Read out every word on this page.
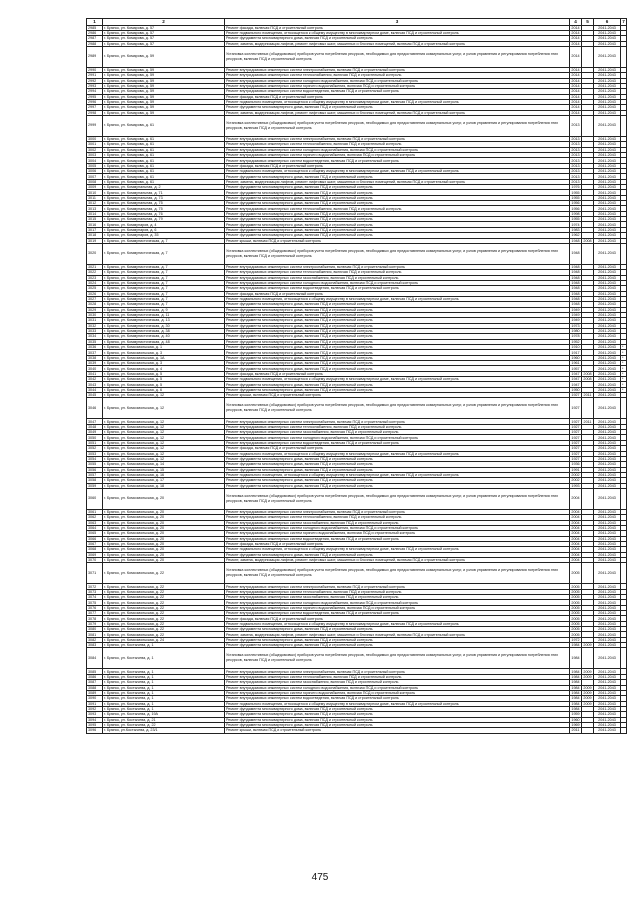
1	2	3	4	5	6	7
2985	г. Брянск, ул. Комарова, д. 57	Ремонт фасада, включая ПСД и строительный контроль	2014		2041-2043	
2986	г. Брянск, ул. Комарова, д. 57	Ремонт подвального помещения, относящегося к общему имуществу в многоквартирном доме, включая ПСД и строительный контроль	2014		2041-2043	
2987	г. Брянск, ул. Комарова, д. 57	Ремонт фундамента многоквартирного дома, включая ПСД и строительный контроль	2014		2041-2043	
2988	г. Брянск, ул. Комарова, д. 57	Ремонт, замена, модернизация лифтов, ремонт лифтовых шахт, машинных и блочных помещений, включая ПСД и строительный контроль	2014		2041-2043	
2989	г. Брянск, ул. Комарова, д. 59	Установка коллективных (общедомовых) приборов учета потребления ресурсов, необходимых для предоставления коммунальных услуг, и узлов управления и регулирования потребления этих ресурсов, включая ПСД и строительный контроль	2014		2041-2043	
2990	г. Брянск, ул. Комарова, д. 59	Ремонт внутридомовых инженерных систем электроснабжения, включая ПСД и строительный контроль	2014		2041-2043	
2991	г. Брянск, ул. Комарова, д. 59	Ремонт внутридомовых инженерных систем теплоснабжения, включая ПСД и строительный контроль	2014		2041-2043	
2992	г. Брянск, ул. Комарова, д. 59	Ремонт внутридомовых инженерных систем холодного водоснабжения, включая ПСД и строительный контроль	2014		2041-2043	
2993	г. Брянск, ул. Комарова, д. 59	Ремонт внутридомовых инженерных систем горячего водоснабжения, включая ПСД и строительный контроль	2014		2041-2043	
2994	г. Брянск, ул. Комарова, д. 59	Ремонт внутридомовых инженерных систем водоотведения, включая ПСД и строительный контроль	2014		2041-2043	
2995	г. Брянск, ул. Комарова, д. 59	Ремонт фасада, включая ПСД и строительный контроль	2014		2041-2043	
2996	г. Брянск, ул. Комарова, д. 59	Ремонт подвального помещения, относящегося к общему имуществу в многоквартирном доме, включая ПСД и строительный контроль	2014		2041-2043	
2997	г. Брянск, ул. Комарова, д. 59	Ремонт фундамента многоквартирного дома, включая ПСД и строительный контроль	2014		2041-2043	
2998	г. Брянск, ул. Комарова, д. 59	Ремонт, замена, модернизация лифтов, ремонт лифтовых шахт, машинных и блочных помещений, включая ПСД и строительный контроль	2014		2041-2043	
2999	г. Брянск, ул. Комарова, д. 61	Установка коллективных (общедомовых) приборов учета потребления ресурсов, необходимых для предоставления коммунальных услуг, и узлов управления и регулирования потребления этих ресурсов, включая ПСД и строительный контроль	2013		2041-2043	
3000	г. Брянск, ул. Комарова, д. 61	Ремонт внутридомовых инженерных систем электроснабжения, включая ПСД и строительный контроль	2013		2041-2043	
3001	г. Брянск, ул. Комарова, д. 61	Ремонт внутридомовых инженерных систем теплоснабжения, включая ПСД и строительный контроль	2013		2041-2043	
3002	г. Брянск, ул. Комарова, д. 61	Ремонт внутридомовых инженерных систем холодного водоснабжения, включая ПСД и строительный контроль	2013		2041-2043	
3003	г. Брянск, ул. Комарова, д. 61	Ремонт внутридомовых инженерных систем горячего водоснабжения, включая ПСД и строительный контроль	2013		2041-2043	
3004	г. Брянск, ул. Комарова, д. 61	Ремонт внутридомовых инженерных систем водоотведения, включая ПСД и строительный контроль	2013		2041-2043	
3005	г. Брянск, ул. Комарова, д. 61	Ремонт фасада, включая ПСД и строительный контроль	2013		2041-2043	
3006	г. Брянск, ул. Комарова, д. 61	Ремонт подвального помещения, относящегося к общему имуществу в многоквартирном доме, включая ПСД и строительный контроль	2013		2041-2043	
3007	г. Брянск, ул. Комарова, д. 61	Ремонт фундамента многоквартирного дома, включая ПСД и строительный контроль	2013		2041-2043	
3008	г. Брянск, ул. Комарова, д. 61	Ремонт, замена, модернизация лифтов, ремонт лифтовых шахт, машинных и блочных помещений, включая ПСД и строительный контроль	2013		2041-2043	
3009	г. Брянск, ул. Коммунальная, д. 2	Ремонт фундамента многоквартирного дома, включая ПСД и строительный контроль	1976		2041-2043	
3010	г. Брянск, ул. Коммунальная, д. 71	Ремонт фундамента многоквартирного дома, включая ПСД и строительный контроль	1955		2041-2043	
3011	г. Брянск, ул. Коммунальная, д. 73	Ремонт фундамента многоквартирного дома, включая ПСД и строительный контроль	1955		2041-2043	
3012	г. Брянск, ул. Коммунальная, д. 75	Ремонт фундамента многоквартирного дома, включая ПСД и строительный контроль	1956		2041-2043	
3013	г. Брянск, ул. Коммунальная, д. 75	Ремонт внутридомовых инженерных систем теплоснабжения, включая ПСД и строительный контроль	1956		2041-2043	
3014	г. Брянск, ул. Коммунальная, д. 76	Ремонт фундамента многоквартирного дома, включая ПСД и строительный контроль	1998		2041-2043	
3015	г. Брянск, ул. Коммунальная, д. 79	Ремонт фундамента многоквартирного дома, включая ПСД и строительный контроль	1955		2041-2043	
3016	г. Брянск, ул. Коммунаров, д. 4	Ремонт фундамента многоквартирного дома, включая ПСД и строительный контроль	1974		2041-2043	
3017	г. Брянск, ул. Коммунаров, д. 6	Ремонт фундамента многоквартирного дома, включая ПСД и строительный контроль	1983		2041-2043	
3018	г. Брянск, ул. Коммунаров, д. 35	Ремонт фундамента многоквартирного дома, включая ПСД и строительный контроль	1962		2041-2043	
3019	г. Брянск, ул. Коммунистическая, д. 7	Ремонт крыши, включая ПСД и строительный контроль	1948	2008	2041-2043	
3020	г. Брянск, ул. Коммунистическая, д. 7	Установка коллективных (общедомовых) приборов учета потребления ресурсов, необходимых для предоставления коммунальных услуг, и узлов управления и регулирования потребления этих ресурсов, включая ПСД и строительный контроль	1948		2041-2043	
3021	г. Брянск, ул. Коммунистическая, д. 7	Ремонт внутридомовых инженерных систем электроснабжения, включая ПСД и строительный контроль	1948		2041-2043	
3022	г. Брянск, ул. Коммунистическая, д. 7	Ремонт внутридомовых инженерных систем теплоснабжения, включая ПСД и строительный контроль	1948		2041-2043	
3023	г. Брянск, ул. Коммунистическая, д. 7	Ремонт внутридомовых инженерных систем газоснабжения, включая ПСД и строительный контроль	1948		2041-2043	
3024	г. Брянск, ул. Коммунистическая, д. 7	Ремонт внутридомовых инженерных систем холодного водоснабжения, включая ПСД и строительный контроль	1948		2041-2043	
3025	г. Брянск, ул. Коммунистическая, д. 7	Ремонт внутридомовых инженерных систем водоотведения, включая ПСД и строительный контроль	1948		2041-2043	
3026	г. Брянск, ул. Коммунистическая, д. 7	Ремонт фасада, включая ПСД и строительный контроль	1948		2041-2043	
3027	г. Брянск, ул. Коммунистическая, д. 7	Ремонт подвального помещения, относящегося к общему имуществу в многоквартирном доме, включая ПСД и строительный контроль	1948		2041-2043	
3028	г. Брянск, ул. Коммунистическая, д. 7	Ремонт фундамента многоквартирного дома, включая ПСД и строительный контроль	1948		2041-2043	
3029	г. Брянск, ул. Коммунистическая, д. 9	Ремонт фундамента многоквартирного дома, включая ПСД и строительный контроль	1949		2041-2043	
3030	г. Брянск, ул. Коммунистическая, д. 11	Ремонт фундамента многоквартирного дома, включая ПСД и строительный контроль	1949		2041-2043	
3031	г. Брянск, ул. Коммунистическая, д. 13	Ремонт фундамента многоквартирного дома, включая ПСД и строительный контроль	1949		2041-2043	
3032	г. Брянск, ул. Коммунистическая, д. 30	Ремонт фундамента многоквартирного дома, включая ПСД и строительный контроль	1973		2041-2043	
3033	г. Брянск, ул. Коммунистическая, д. 38	Ремонт фундамента многоквартирного дома, включая ПСД и строительный контроль	1980		2041-2043	
3034	г. Брянск, ул. Коммунистическая, д. 40	Ремонт фундамента многоквартирного дома, включая ПСД и строительный контроль	1978		2041-2043	
3035	г. Брянск, ул. Коммунистическая, д. 48	Ремонт фундамента многоквартирного дома, включая ПСД и строительный контроль	1952		2041-2043	
3036	г. Брянск, ул. Комсомольская, д. 1	Ремонт фундамента многоквартирного дома, включая ПСД и строительный контроль	1910		2041-2043	*
3037	г. Брянск, ул. Комсомольская, д. 3	Ремонт фундамента многоквартирного дома, включая ПСД и строительный контроль	1917		2041-2043	*
3038	г. Брянск, ул. Комсомольская, д. 1А	Ремонт фундамента многоквартирного дома, включая ПСД и строительный контроль	1960		2041-2043	*
3039	г. Брянск, ул. Комсомольская, д. 3	Ремонт фундамента многоквартирного дома, включая ПСД и строительный контроль	1961		2041-2043	*
3040	г. Брянск, ул. Комсомольская, д. 4	Ремонт фундамента многоквартирного дома, включая ПСД и строительный контроль	1957		2041-2043	*
3041	г. Брянск, ул. Комсомольская, д. 5	Ремонт фасада, включая ПСД и строительный контроль	1947	2008	2041-2043	*
3042	г. Брянск, ул. Комсомольская, д. 5	Ремонт подвального помещения, относящегося к общему имуществу в многоквартирном доме, включая ПСД и строительный контроль	1947	2008	2041-2043	*
3043	г. Брянск, ул. Комсомольская, д. 5	Ремонт фундамента многоквартирного дома, включая ПСД и строительный контроль	1947		2041-2043	*
3044	г. Брянск, ул. Комсомольская, д. 6	Ремонт фундамента многоквартирного дома, включая ПСД и строительный контроль	1950		2041-2043	*
3045	г. Брянск, ул. Комсомольская, д. 12	Ремонт крыши, включая ПСД и строительный контроль	1927	2011	2041-2043	
3046	г. Брянск, ул. Комсомольская, д. 12	Установка коллективных (общедомовых) приборов учета потребления ресурсов, необходимых для предоставления коммунальных услуг, и узлов управления и регулирования потребления этих ресурсов, включая ПСД и строительный контроль	1927		2041-2043	
3047	г. Брянск, ул. Комсомольская, д. 12	Ремонт внутридомовых инженерных систем электроснабжения, включая ПСД и строительный контроль	1927	2011	2041-2043	
3048	г. Брянск, ул. Комсомольская, д. 12	Ремонт внутридомовых инженерных систем теплоснабжения, включая ПСД и строительный контроль	1927		2041-2043	
3049	г. Брянск, ул. Комсомольская, д. 12	Ремонт внутридомовых инженерных систем газоснабжения, включая ПСД и строительный контроль	1927		2041-2043	
3050	г. Брянск, ул. Комсомольская, д. 12	Ремонт внутридомовых инженерных систем холодного водоснабжения, включая ПСД и строительный контроль	1927		2041-2043	
3051	г. Брянск, ул. Комсомольская, д. 12	Ремонт внутридомовых инженерных систем водоотведения, включая ПСД и строительный контроль	1927		2041-2043	
3052	г. Брянск, ул. Комсомольская, д. 12	Ремонт фасада, включая ПСД и строительный контроль	1927		2041-2043	
3053	г. Брянск, ул. Комсомольская, д. 12	Ремонт подвального помещения, относящегося к общему имуществу в многоквартирном доме, включая ПСД и строительный контроль	1927		2041-2043	
3054	г. Брянск, ул. Комсомольская, д. 12	Ремонт фундамента многоквартирного дома, включая ПСД и строительный контроль	1927		2041-2043	
3055	г. Брянск, ул. Комсомольская, д. 14	Ремонт фундамента многоквартирного дома, включая ПСД и строительный контроль	1936		2041-2043	
3056	г. Брянск, ул. Комсомольская, д. 15	Ремонт фундамента многоквартирного дома, включая ПСД и строительный контроль	1991		2041-2043	
3057	г. Брянск, ул. Комсомольская, д. 16	Ремонт подвального помещения, относящегося к общему имуществу в многоквартирном доме, включая ПСД и строительный контроль	2002		2041-2043	
3058	г. Брянск, ул. Комсомольская, д. 17	Ремонт фундамента многоквартирного дома, включая ПСД и строительный контроль	2002		2041-2043	
3059	г. Брянск, ул. Комсомольская, д. 18	Ремонт фундамента многоквартирного дома, включая ПСД и строительный контроль	1993		2041-2043	
3060	г. Брянск, ул. Комсомольская, д. 20	Установка коллективных (общедомовых) приборов учета потребления ресурсов, необходимых для предоставления коммунальных услуг, и узлов управления и регулирования потребления этих ресурсов, включая ПСД и строительный контроль	2004		2041-2043	
3061	г. Брянск, ул. Комсомольская, д. 20	Ремонт внутридомовых инженерных систем электроснабжения, включая ПСД и строительный контроль	2004		2041-2043	
3062	г. Брянск, ул. Комсомольская, д. 20	Ремонт внутридомовых инженерных систем теплоснабжения, включая ПСД и строительный контроль	2004		2041-2043	
3063	г. Брянск, ул. Комсомольская, д. 20	Ремонт внутридомовых инженерных систем газоснабжения, включая ПСД и строительный контроль	2004		2041-2043	
3064	г. Брянск, ул. Комсомольская, д. 20	Ремонт внутридомовых инженерных систем холодного водоснабжения, включая ПСД и строительный контроль	2004		2041-2043	
3065	г. Брянск, ул. Комсомольская, д. 20	Ремонт внутридомовых инженерных систем горячего водоснабжения, включая ПСД и строительный контроль	2004		2041-2043	
3066	г. Брянск, ул. Комсомольская, д. 20	Ремонт внутридомовых инженерных систем водоотведения, включая ПСД и строительный контроль	2004		2041-2043	
3067	г. Брянск, ул. Комсомольская, д. 20	Ремонт фасада, включая ПСД и строительный контроль	2004		2041-2043	
3068	г. Брянск, ул. Комсомольская, д. 20	Ремонт подвального помещения, относящегося к общему имуществу в многоквартирном доме, включая ПСД и строительный контроль	2004		2041-2043	
3069	г. Брянск, ул. Комсомольская, д. 20	Ремонт фундамента многоквартирного дома, включая ПСД и строительный контроль	2004		2041-2043	
3070	г. Брянск, ул. Комсомольская, д. 20	Ремонт, замена, модернизация лифтов, ремонт лифтовых шахт, машинных и блочных помещений, включая ПСД и строительный контроль	2004		2041-2043	
3071	г. Брянск, ул. Комсомольская, д. 22	Установка коллективных (общедомовых) приборов учета потребления ресурсов, необходимых для предоставления коммунальных услуг, и узлов управления и регулирования потребления этих ресурсов, включая ПСД и строительный контроль	2005		2041-2043	
3072	г. Брянск, ул. Комсомольская, д. 22	Ремонт внутридомовых инженерных систем электроснабжения, включая ПСД и строительный контроль	2005		2041-2043	
3073	г. Брянск, ул. Комсомольская, д. 22	Ремонт внутридомовых инженерных систем теплоснабжения, включая ПСД и строительный контроль	2005		2041-2043	
3074	г. Брянск, ул. Комсомольская, д. 22	Ремонт внутридомовых инженерных систем газоснабжения, включая ПСД и строительный контроль	2005		2041-2043	
3075	г. Брянск, ул. Комсомольская, д. 22	Ремонт внутридомовых инженерных систем холодного водоснабжения, включая ПСД и строительный контроль	2005		2041-2043	
3076	г. Брянск, ул. Комсомольская, д. 22	Ремонт внутридомовых инженерных систем горячего водоснабжения, включая ПСД и строительный контроль	2005		2041-2043	
3077	г. Брянск, ул. Комсомольская, д. 22	Ремонт внутридомовых инженерных систем водоотведения, включая ПСД и строительный контроль	2005		2041-2043	
3078	г. Брянск, ул. Комсомольская, д. 22	Ремонт фасада, включая ПСД и строительный контроль	2005		2041-2043	
3079	г. Брянск, ул. Комсомольская, д. 22	Ремонт подвального помещения, относящегося к общему имуществу в многоквартирном доме, включая ПСД и строительный контроль	2005		2041-2043	
3080	г. Брянск, ул. Комсомольская, д. 22	Ремонт фундамента многоквартирного дома, включая ПСД и строительный контроль	2005		2041-2043	
3081	г. Брянск, ул. Комсомольская, д. 22	Ремонт, замена, модернизация лифтов, ремонт лифтовых шахт, машинных и блочных помещений, включая ПСД и строительный контроль	2005		2041-2043	
3082	г. Брянск, ул. Комсомольская, д. 24	Ремонт фундамента многоквартирного дома, включая ПСД и строительный контроль	1972		2041-2043	
3083	г. Брянск, ул. Костычева, д. 1	Ремонт фундамента многоквартирного дома, включая ПСД и строительный контроль	1984	2009	2041-2043	
3084	г. Брянск, ул. Костычева, д. 1	Установка коллективных (общедомовых) приборов учета потребления ресурсов, необходимых для предоставления коммунальных услуг, и узлов управления и регулирования потребления этих ресурсов, включая ПСД и строительный контроль	1984		2041-2043	
3085	г. Брянск, ул. Костычева, д. 1	Ремонт внутридомовых инженерных систем электроснабжения, включая ПСД и строительный контроль	1984	2009	2041-2043	
3086	г. Брянск, ул. Костычева, д. 1	Ремонт внутридомовых инженерных систем теплоснабжения, включая ПСД и строительный контроль	1984	2009	2041-2043	
3087	г. Брянск, ул. Костычева, д. 1	Ремонт внутридомовых инженерных систем газоснабжения, включая ПСД и строительный контроль	1984		2041-2043	
3088	г. Брянск, ул. Костычева, д. 1	Ремонт внутридомовых инженерных систем холодного водоснабжения, включая ПСД и строительный контроль	1984	2009	2041-2043	
3089	г. Брянск, ул. Костычева, д. 1	Ремонт внутридомовых инженерных систем горячего водоснабжения, включая ПСД и строительный контроль	1984	2009	2041-2043	
3090	г. Брянск, ул. Костычева, д. 1	Ремонт внутридомовых инженерных систем водоотведения, включая ПСД и строительный контроль	1984	2009	2041-2043	
3091	г. Брянск, ул. Костычева, д. 1	Ремонт подвального помещения, относящегося к общему имуществу в многоквартирном доме, включая ПСД и строительный контроль	1984	2009	2041-2043	
3092	г. Брянск, ул. Костычева, д. 1	Ремонт фундамента многоквартирного дома, включая ПСД и строительный контроль	1984		2041-2043	
3093	г. Брянск, ул. Костычева, д. 19А	Ремонт фундамента многоквартирного дома, включая ПСД и строительный контроль	1959		2041-2043	
3094	г. Брянск, ул. Костычева, д. 21	Ремонт фундамента многоквартирного дома, включая ПСД и строительный контроль	1960		2041-2043	
3095	г. Брянск, ул. Костычева, д. 22	Ремонт фундамента многоквартирного дома, включая ПСД и строительный контроль	1969		2041-2043	
3096	г. Брянск, ул.Костычева, д. 23/1	Ремонт крыши, включая ПСД и строительный контроль	2011		2041-2043	
475
